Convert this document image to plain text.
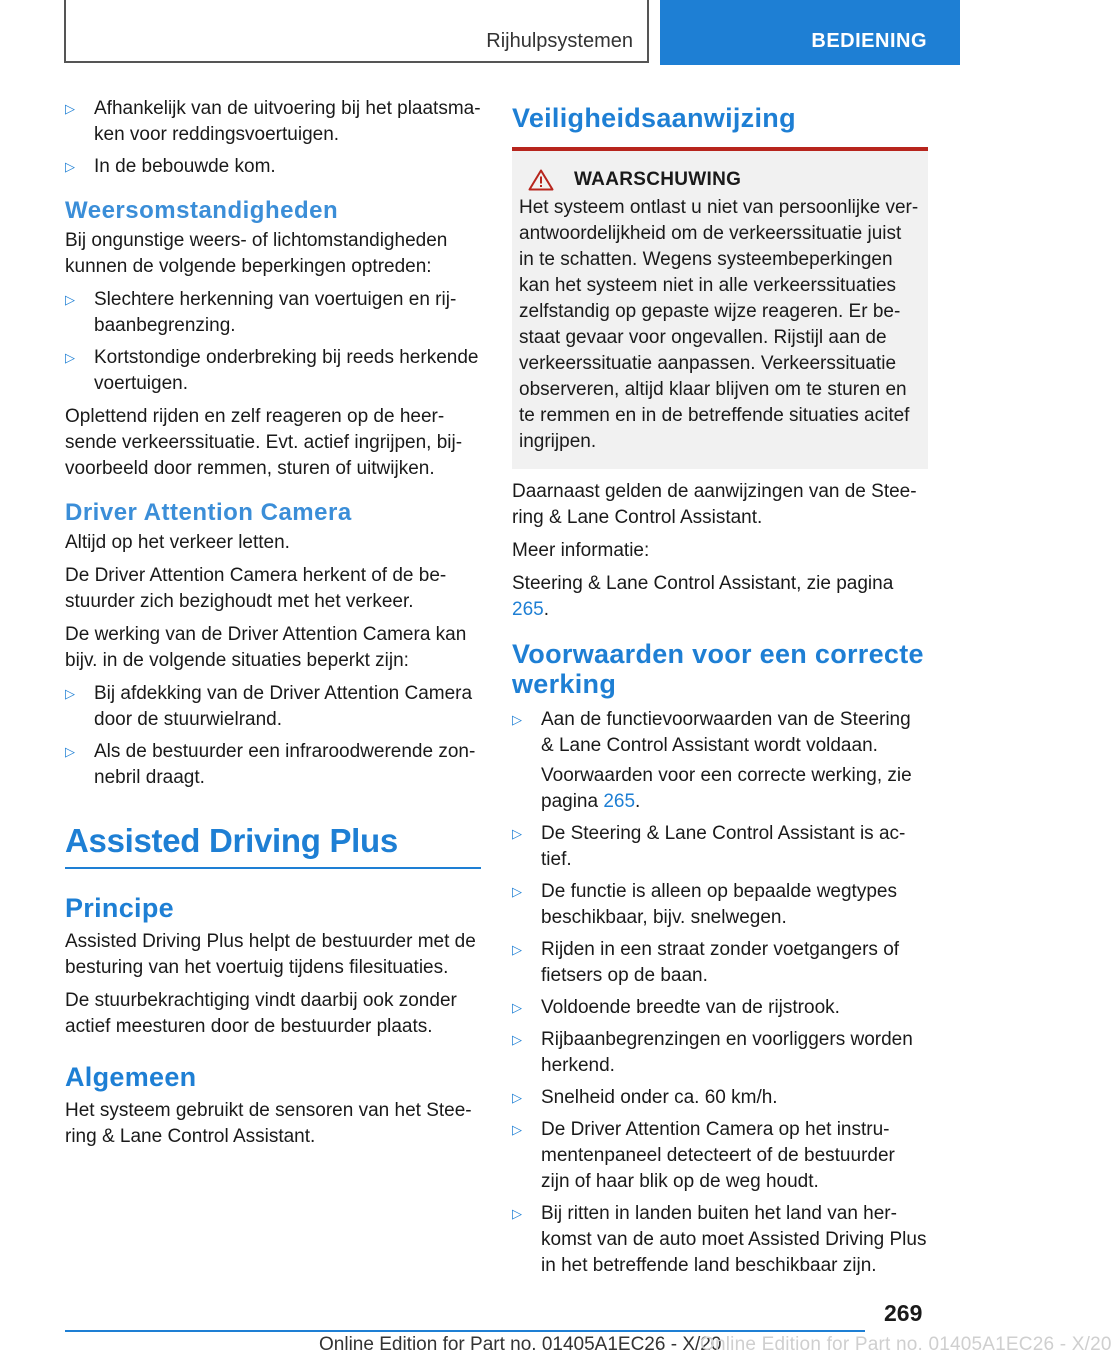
Rijhulpsystemen	BEDIENING
▷ Afhankelijk van de uitvoering bij het plaatsmaken voor reddingsvoertuigen.
▷ In de bebouwde kom.
Weersomstandigheden

Bij ongunstige weers- of lichtomstandigheden kunnen de volgende beperkingen optreden:

▷ Slechtere herkenning van voertuigen en rijbaanbegrenzing.
▷ Kortstondige onderbreking bij reeds herkende voertuigen.

Oplettend rijden en zelf reageren op de heersende verkeerssituatie. Evt. actief ingrijpen, bijvoorbeeld door remmen, sturen of uitwijken.

Driver Attention Camera

Altijd op het verkeer letten.

De Driver Attention Camera herkent of de bestuurder zich bezighoudt met het verkeer.

De werking van de Driver Attention Camera kan bijv. in de volgende situaties beperkt zijn:

▷ Bij afdekking van de Driver Attention Camera door de stuurwielrand.
▷ Als de bestuurder een infraroodwerende zonnebril draagt.
Assisted Driving Plus
Principe

Assisted Driving Plus helpt de bestuurder met de besturing van het voertuig tijdens filesituaties.

De stuurbekrachtiging vindt daarbij ook zonder actief meesturen door de bestuurder plaats.

Algemeen

Het systeem gebruikt de sensoren van het Steering & Lane Control Assistant.

Veiligheidsaanwijzing
WAARSCHUWING

Het systeem ontlast u niet van persoonlijke verantwoordelijkheid om de verkeerssituatie juist in te schatten. Wegens systeembeperkingen kan het systeem niet in alle verkeerssituaties zelfstandig op gepaste wijze reageren. Er bestaat gevaar voor ongevallen. Rijstijl aan de verkeerssituatie aanpassen. Verkeerssituatie observeren, altijd klaar blijven om te sturen en te remmen en in de betreffende situaties acitef ingrijpen.

Daarnaast gelden de aanwijzingen van de Steering & Lane Control Assistant.

Meer informatie:

Steering & Lane Control Assistant, zie pagina 265.

Voorwaarden voor een correcte werking
▷ Aan de functievoorwaarden van de Steering & Lane Control Assistant wordt voldaan.
Voorwaarden voor een correcte werking, zie pagina 265.
▷ De Steering & Lane Control Assistant is actief.
▷ De functie is alleen op bepaalde wegtypes beschikbaar, bijv. snelwegen.
▷ Rijden in een straat zonder voetgangers of fietsers op de baan.
▷ Voldoende breedte van de rijstrook.
▷ Rijbaanbegrenzingen en voorliggers worden herkend.
▷ Snelheid onder ca. 60 km/h.
▷ De Driver Attention Camera op het instrumentenpaneel detecteert of de bestuurder zijn of haar blik op de weg houdt.
▷ Bij ritten in landen buiten het land van herkomst van de auto moet Assisted Driving Plus in het betreffende land beschikbaar zijn.
269
Online Edition for Part no. 01405A1EC26 - X/20
Online Edition for Part no. 01405A1EC26 - X/20
